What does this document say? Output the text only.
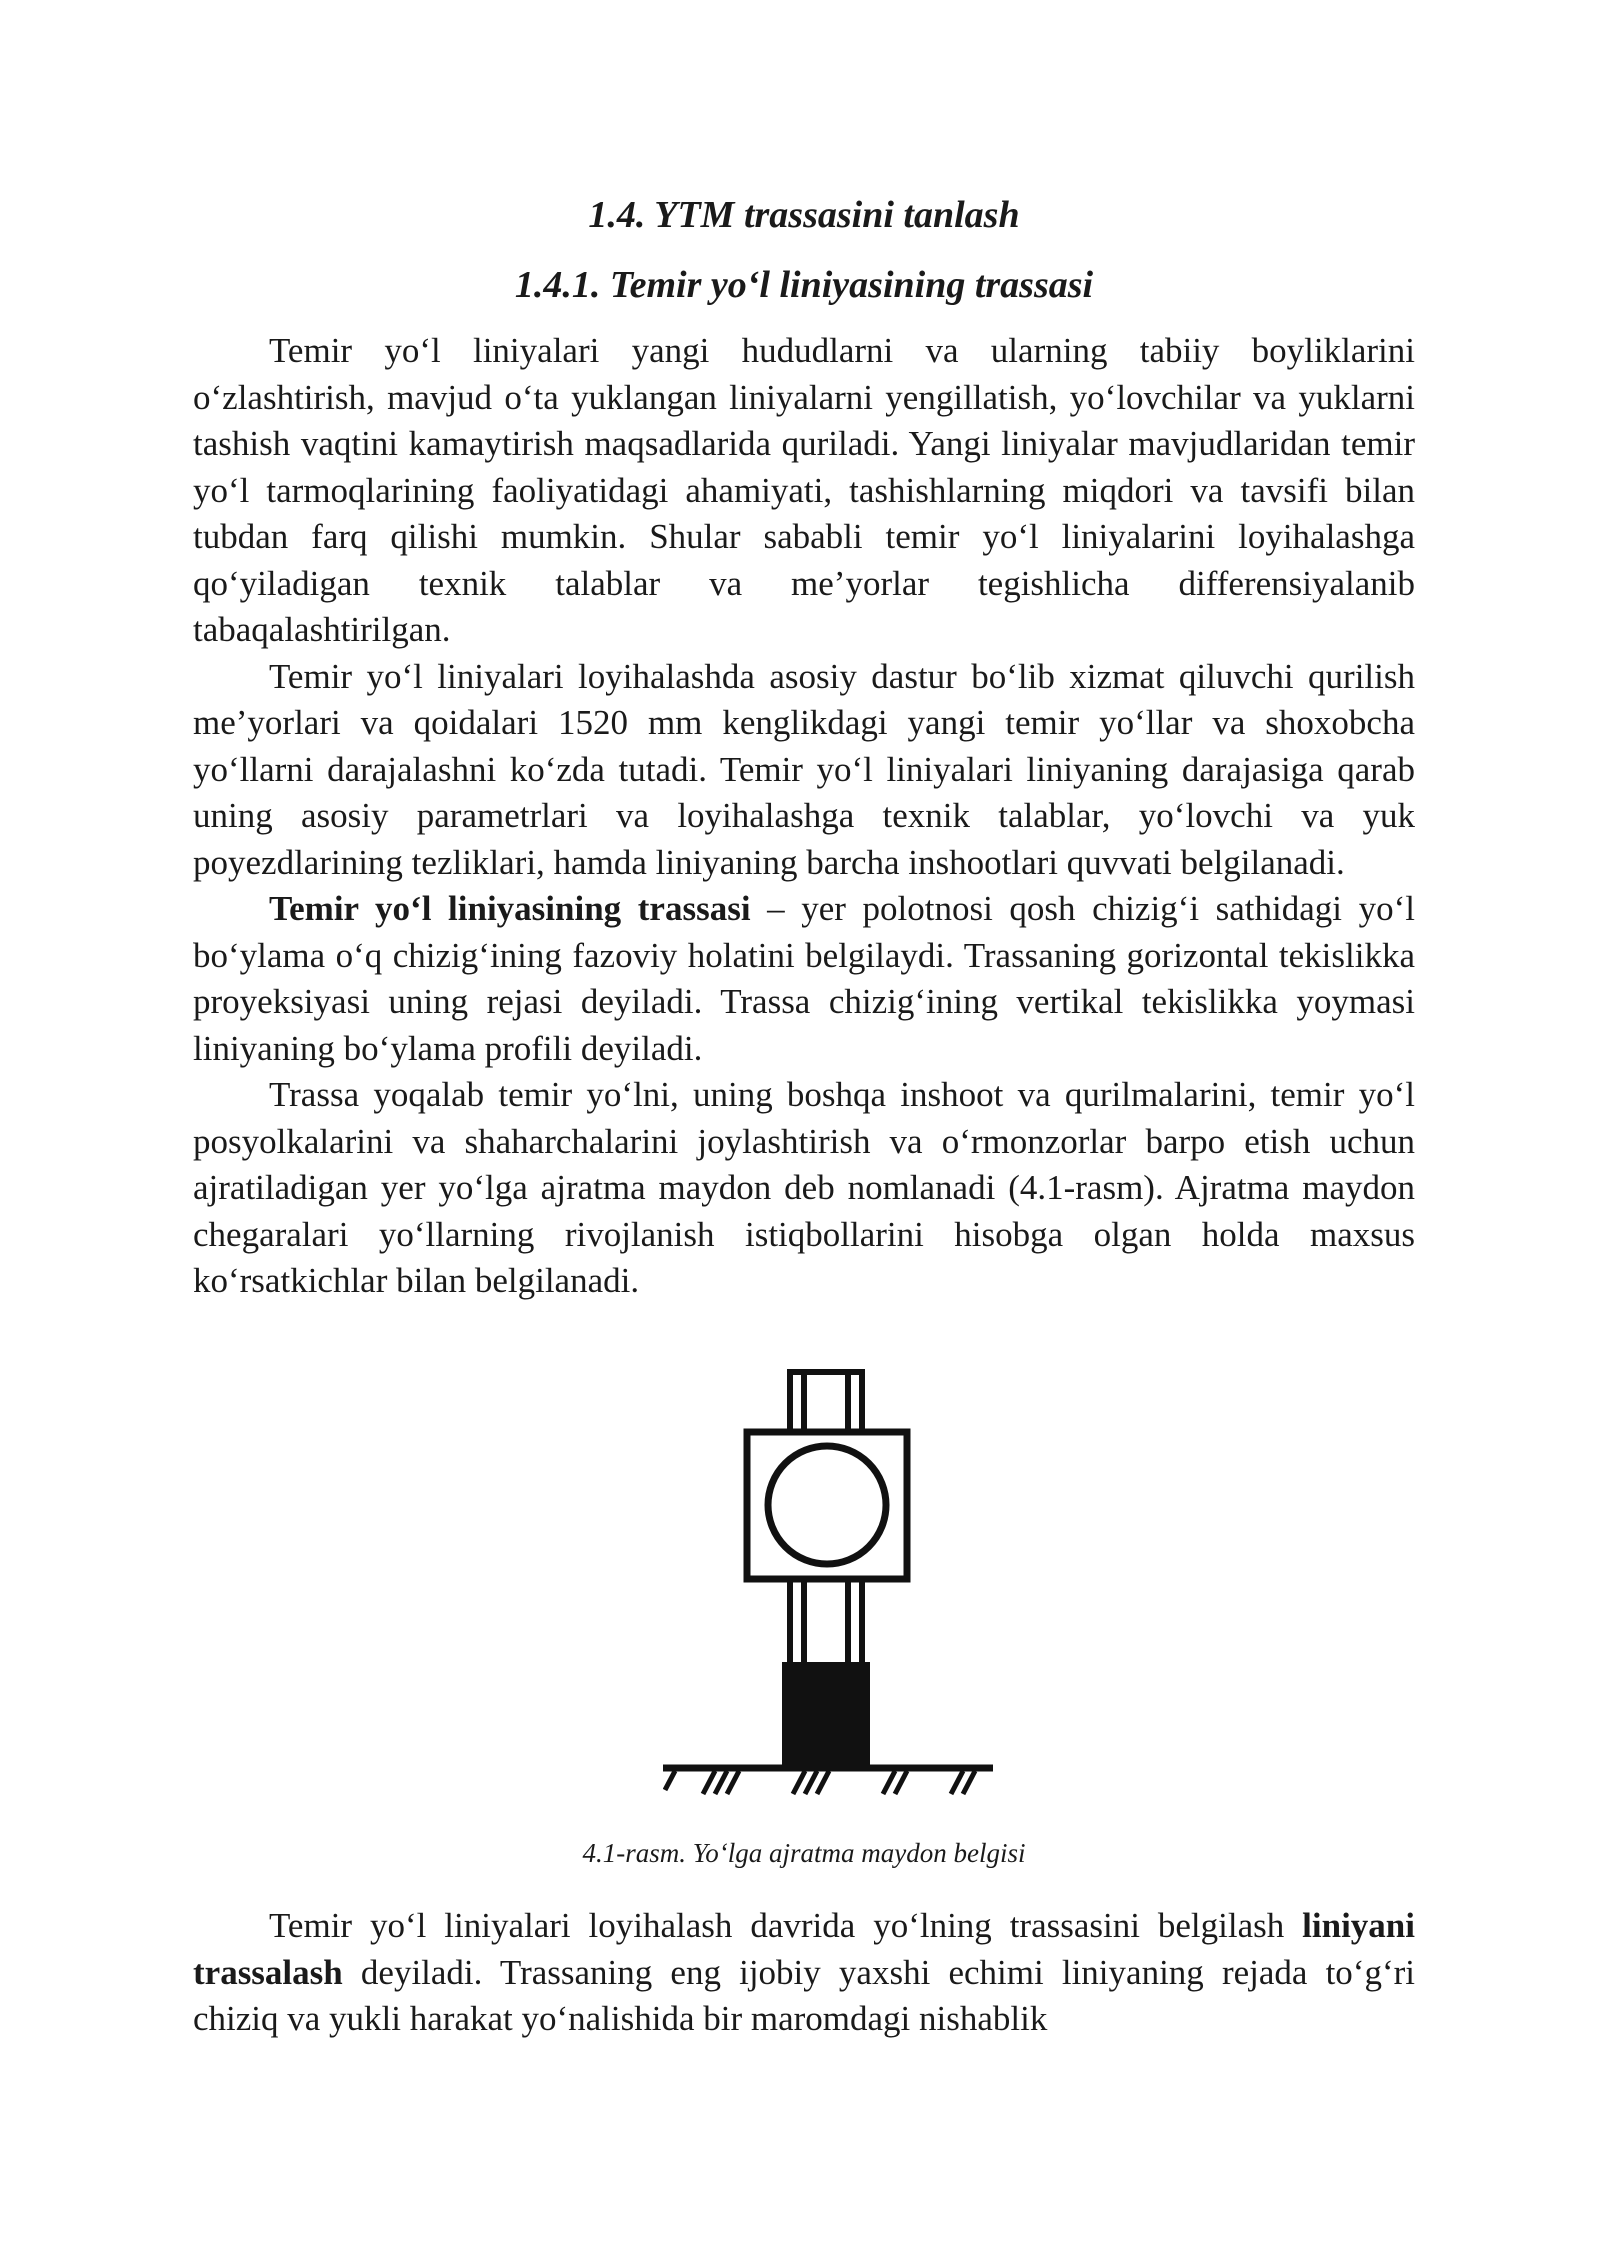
1.4. YTM trassasini tanlash
1.4.1. Temir yo‘l liniyasining trassasi

Temir yo‘l liniyalari yangi hududlarni va ularning tabiiy boyliklarini o‘zlashtirish, mavjud o‘ta yuklangan liniyalarni yengillatish, yo‘lovchilar va yuklarni tashish vaqtini kamaytirish maqsadlarida quriladi. Yangi liniyalar mavjudlaridan temir yo‘l tarmoqlarining faoliyatidagi ahamiyati, tashishlarning miqdori va tavsifi bilan tubdan farq qilishi mumkin. Shular sababli temir yo‘l liniyalarini loyihalashga qo‘yiladigan texnik talablar va me’yorlar tegishlicha differensiyalanib tabaqalashtirilgan.

Temir yo‘l liniyalari loyihalashda asosiy dastur bo‘lib xizmat qiluvchi qurilish me’yorlari va qoidalari 1520 mm kenglikdagi yangi temir yo‘llar va shoxobcha yo‘llarni darajalashni ko‘zda tutadi. Temir yo‘l liniyalari liniyaning darajasiga qarab uning asosiy parametrlari va loyihalashga texnik talablar, yo‘lovchi va yuk poyezdlarining tezliklari, hamda liniyaning barcha inshootlari quvvati belgilanadi.

Temir yo‘l liniyasining trassasi – yer polotnosi qosh chizig‘i sathidagi yo‘l bo‘ylama o‘q chizig‘ining fazoviy holatini belgilaydi. Trassaning gorizontal tekislikka proyeksiyasi uning rejasi deyiladi. Trassa chizig‘ining vertikal tekislikka yoymasi liniyaning bo‘ylama profili deyiladi.

Trassa yoqalab temir yo‘lni, uning boshqa inshoot va qurilmalarini, temir yo‘l posyolkalarini va shaharchalarini joylashtirish va o‘rmonzorlar barpo etish uchun ajratiladigan yer yo‘lga ajratma maydon deb nomlanadi (4.1-rasm). Ajratma maydon chegaralari yo‘llarning rivojlanish istiqbollarini hisobga olgan holda maxsus ko‘rsatkichlar bilan belgilanadi.

4.1-rasm. Yo‘lga ajratma maydon belgisi

Temir yo‘l liniyalari loyihalash davrida yo‘lning trassasini belgilash liniyani trassalash deyiladi. Trassaning eng ijobiy yaxshi echimi liniyaning rejada to‘g‘ri chiziq va yukli harakat yo‘nalishida bir maromdagi nishablik
